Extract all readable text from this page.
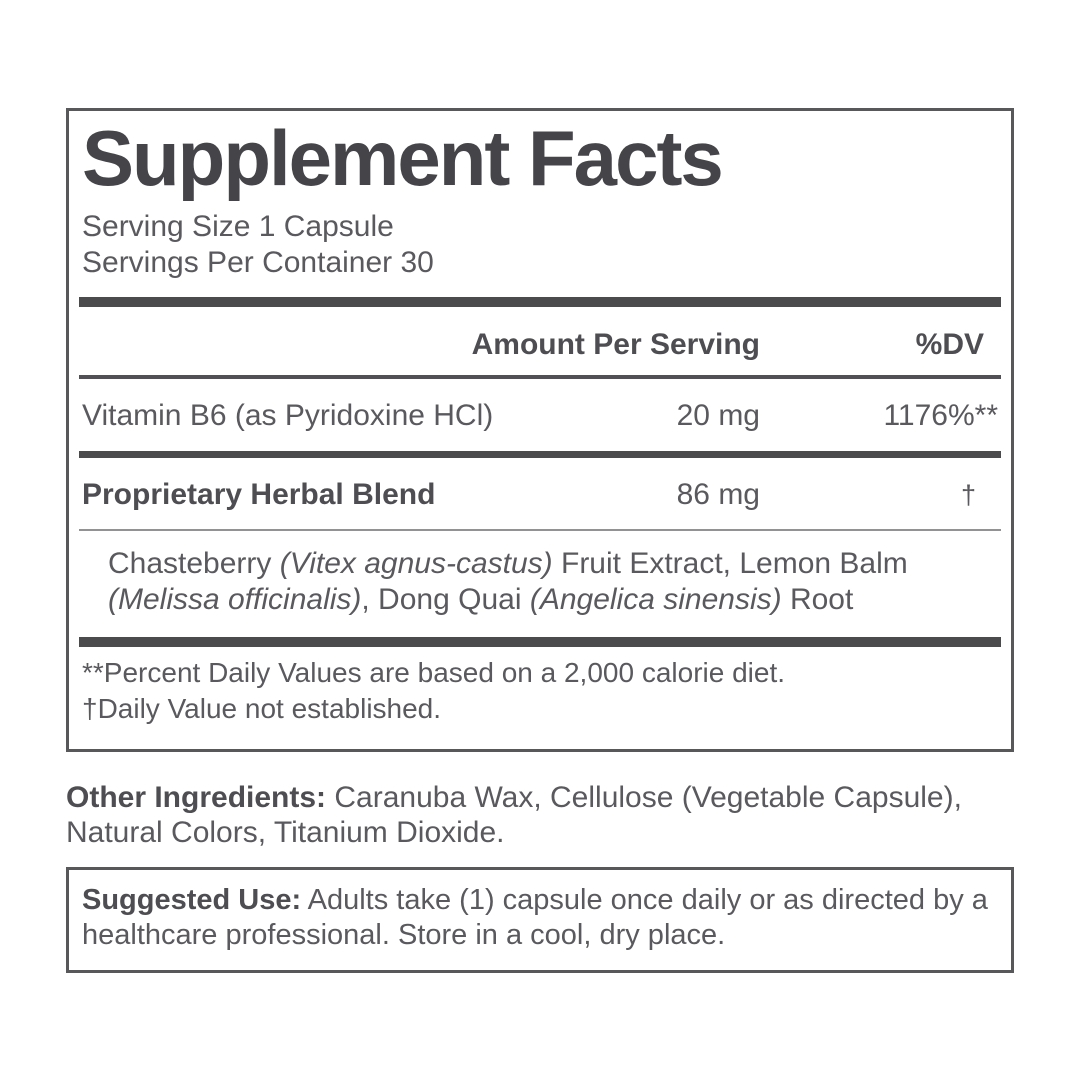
Supplement Facts

Serving Size 1 Capsule

Servings Per Container 30

Amount Per Serving	%DV
Vitamin B6 (as Pyridoxine HCl)	20 mg	1176%**
Proprietary Herbal Blend	86 mg	†

Chasteberry (Vitex agnus-castus) Fruit Extract, Lemon Balm (Melissa officinalis), Dong Quai (Angelica sinensis) Root

**Percent Daily Values are based on a 2,000 calorie diet.

†Daily Value not established.

Other Ingredients: Caranuba Wax, Cellulose (Vegetable Capsule), Natural Colors, Titanium Dioxide.

Suggested Use: Adults take (1) capsule once daily or as directed by a healthcare professional. Store in a cool, dry place.
